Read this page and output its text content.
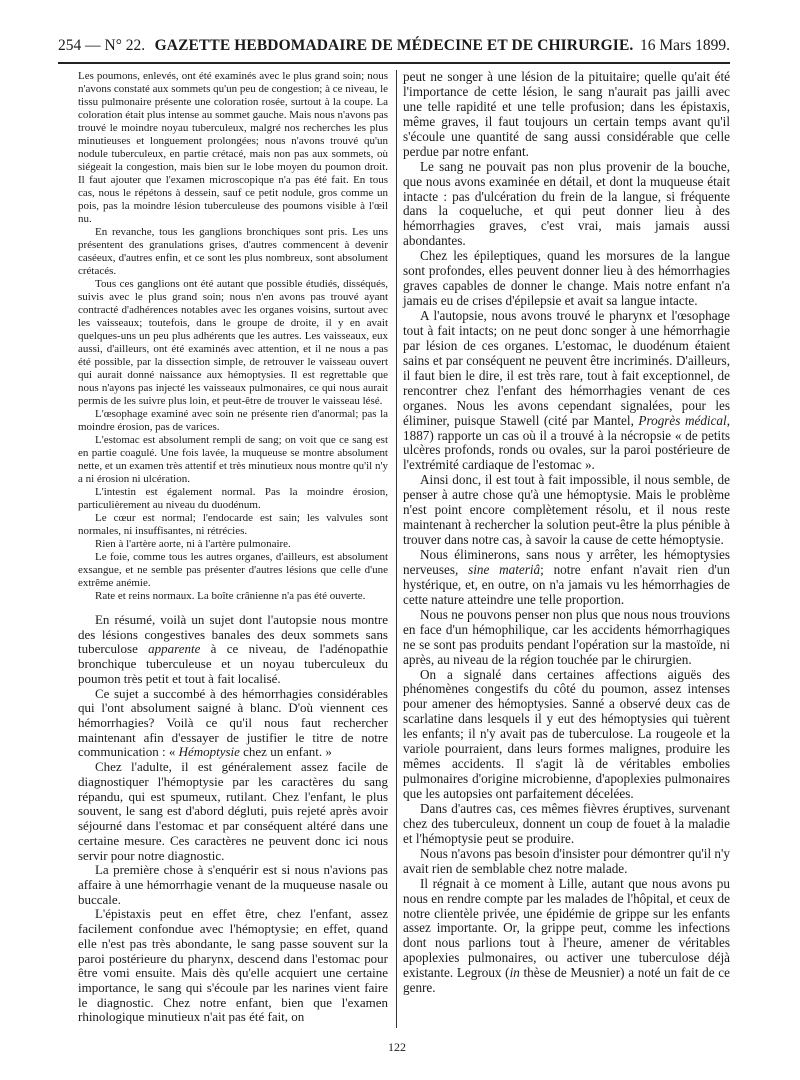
254 — N° 22. GAZETTE HEBDOMADAIRE DE MÉDECINE ET DE CHIRURGIE. 16 Mars 1899.

Les poumons, enlevés, ont été examinés avec le plus grand soin; nous n'avons constaté aux sommets qu'un peu de congestion; à ce niveau, le tissu pulmonaire présente une coloration rosée, surtout à la coupe. La coloration était plus intense au sommet gauche. Mais nous n'avons pas trouvé le moindre noyau tuberculeux, malgré nos recherches les plus minutieuses et longuement prolongées; nous n'avons trouvé qu'un nodule tuberculeux, en partie crétacé, mais non pas aux sommets, où siégeait la congestion, mais bien sur le lobe moyen du poumon droit. Il faut ajouter que l'examen microscopique n'a pas été fait. En tous cas, nous le répétons à dessein, sauf ce petit nodule, gros comme un pois, pas la moindre lésion tuberculeuse des poumons visible à l'œil nu.

En revanche, tous les ganglions bronchiques sont pris. Les uns présentent des granulations grises, d'autres commencent à devenir caséeux, d'autres enfin, et ce sont les plus nombreux, sont absolument crétacés.

Tous ces ganglions ont été autant que possible étudiés, disséqués, suivis avec le plus grand soin; nous n'en avons pas trouvé ayant contracté d'adhérences notables avec les organes voisins, surtout avec les vaisseaux; toutefois, dans le groupe de droite, il y en avait quelques-uns un peu plus adhérents que les autres. Les vaisseaux, eux aussi, d'ailleurs, ont été examinés avec attention, et il ne nous a pas été possible, par la dissection simple, de retrouver le vaisseau ouvert qui aurait donné naissance aux hémoptysies. Il est regrettable que nous n'ayons pas injecté les vaisseaux pulmonaires, ce qui nous aurait permis de les suivre plus loin, et peut-être de trouver le vaisseau lésé.

L'œsophage examiné avec soin ne présente rien d'anormal; pas la moindre érosion, pas de varices.

L'estomac est absolument rempli de sang; on voit que ce sang est en partie coagulé. Une fois lavée, la muqueuse se montre absolument nette, et un examen très attentif et très minutieux nous montre qu'il n'y a ni érosion ni ulcération.

L'intestin est également normal. Pas la moindre érosion, particulièrement au niveau du duodénum.

Le cœur est normal; l'endocarde est sain; les valvules sont normales, ni insuffisantes, ni rétrécies.

Rien à l'artère aorte, ni à l'artère pulmonaire.

Le foie, comme tous les autres organes, d'ailleurs, est absolument exsangue, et ne semble pas présenter d'autres lésions que celle d'une extrême anémie.

Rate et reins normaux. La boîte crânienne n'a pas été ouverte.

En résumé, voilà un sujet dont l'autopsie nous montre des lésions congestives banales des deux sommets sans tuberculose apparente à ce niveau, de l'adénopathie bronchique tuberculeuse et un noyau tuberculeux du poumon très petit et tout à fait localisé.

Ce sujet a succombé à des hémorrhagies considérables qui l'ont absolument saigné à blanc. D'où viennent ces hémorrhagies? Voilà ce qu'il nous faut rechercher maintenant afin d'essayer de justifier le titre de notre communication : « Hémoptysie chez un enfant. »

Chez l'adulte, il est généralement assez facile de diagnostiquer l'hémoptysie par les caractères du sang répandu, qui est spumeux, rutilant. Chez l'enfant, le plus souvent, le sang est d'abord dégluti, puis rejeté après avoir séjourné dans l'estomac et par conséquent altéré dans une certaine mesure. Ces caractères ne peuvent donc ici nous servir pour notre diagnostic.

La première chose à s'enquérir est si nous n'avions pas affaire à une hémorrhagie venant de la muqueuse nasale ou buccale.

L'épistaxis peut en effet être, chez l'enfant, assez facilement confondue avec l'hémoptysie; en effet, quand elle n'est pas très abondante, le sang passe souvent sur la paroi postérieure du pharynx, descend dans l'estomac pour être vomi ensuite. Mais dès qu'elle acquiert une certaine importance, le sang qui s'écoule par les narines vient faire le diagnostic. Chez notre enfant, bien que l'examen rhinologique minutieux n'ait pas été fait, on

peut ne songer à une lésion de la pituitaire; quelle qu'ait été l'importance de cette lésion, le sang n'aurait pas jailli avec une telle rapidité et une telle profusion; dans les épistaxis, même graves, il faut toujours un certain temps avant qu'il s'écoule une quantité de sang aussi considérable que celle perdue par notre enfant.

Le sang ne pouvait pas non plus provenir de la bouche, que nous avons examinée en détail, et dont la muqueuse était intacte : pas d'ulcération du frein de la langue, si fréquente dans la coqueluche, et qui peut donner lieu à des hémorrhagies graves, c'est vrai, mais jamais aussi abondantes.

Chez les épileptiques, quand les morsures de la langue sont profondes, elles peuvent donner lieu à des hémorrhagies graves capables de donner le change. Mais notre enfant n'a jamais eu de crises d'épilepsie et avait sa langue intacte.

A l'autopsie, nous avons trouvé le pharynx et l'œsophage tout à fait intacts; on ne peut donc songer à une hémorrhagie par lésion de ces organes. L'estomac, le duodénum étaient sains et par conséquent ne peuvent être incriminés. D'ailleurs, il faut bien le dire, il est très rare, tout à fait exceptionnel, de rencontrer chez l'enfant des hémorrhagies venant de ces organes. Nous les avons cependant signalées, pour les éliminer, puisque Stawell (cité par Mantel, Progrès médical, 1887) rapporte un cas où il a trouvé à la nécropsie « de petits ulcères profonds, ronds ou ovales, sur la paroi postérieure de l'extrémité cardiaque de l'estomac ».

Ainsi donc, il est tout à fait impossible, il nous semble, de penser à autre chose qu'à une hémoptysie. Mais le problème n'est point encore complètement résolu, et il nous reste maintenant à rechercher la solution peut-être la plus pénible à trouver dans notre cas, à savoir la cause de cette hémoptysie.

Nous éliminerons, sans nous y arrêter, les hémoptysies nerveuses, sine materiâ; notre enfant n'avait rien d'un hystérique, et, en outre, on n'a jamais vu les hémorrhagies de cette nature atteindre une telle proportion.

Nous ne pouvons penser non plus que nous nous trouvions en face d'un hémophilique, car les accidents hémorrhagiques ne se sont pas produits pendant l'opération sur la mastoïde, ni après, au niveau de la région touchée par le chirurgien.

On a signalé dans certaines affections aiguës des phénomènes congestifs du côté du poumon, assez intenses pour amener des hémoptysies. Sanné a observé deux cas de scarlatine dans lesquels il y eut des hémoptysies qui tuèrent les enfants; il n'y avait pas de tuberculose. La rougeole et la variole pourraient, dans leurs formes malignes, produire les mêmes accidents. Il s'agit là de véritables embolies pulmonaires d'origine microbienne, d'apoplexies pulmonaires que les autopsies ont parfaitement décelées.

Dans d'autres cas, ces mêmes fièvres éruptives, survenant chez des tuberculeux, donnent un coup de fouet à la maladie et l'hémoptysie peut se produire.

Nous n'avons pas besoin d'insister pour démontrer qu'il n'y avait rien de semblable chez notre malade.

Il régnait à ce moment à Lille, autant que nous avons pu nous en rendre compte par les malades de l'hôpital, et ceux de notre clientèle privée, une épidémie de grippe sur les enfants assez importante. Or, la grippe peut, comme les infections dont nous parlions tout à l'heure, amener de véritables apoplexies pulmonaires, ou activer une tuberculose déjà existante. Legroux (in thèse de Meusnier) a noté un fait de ce genre.

122
